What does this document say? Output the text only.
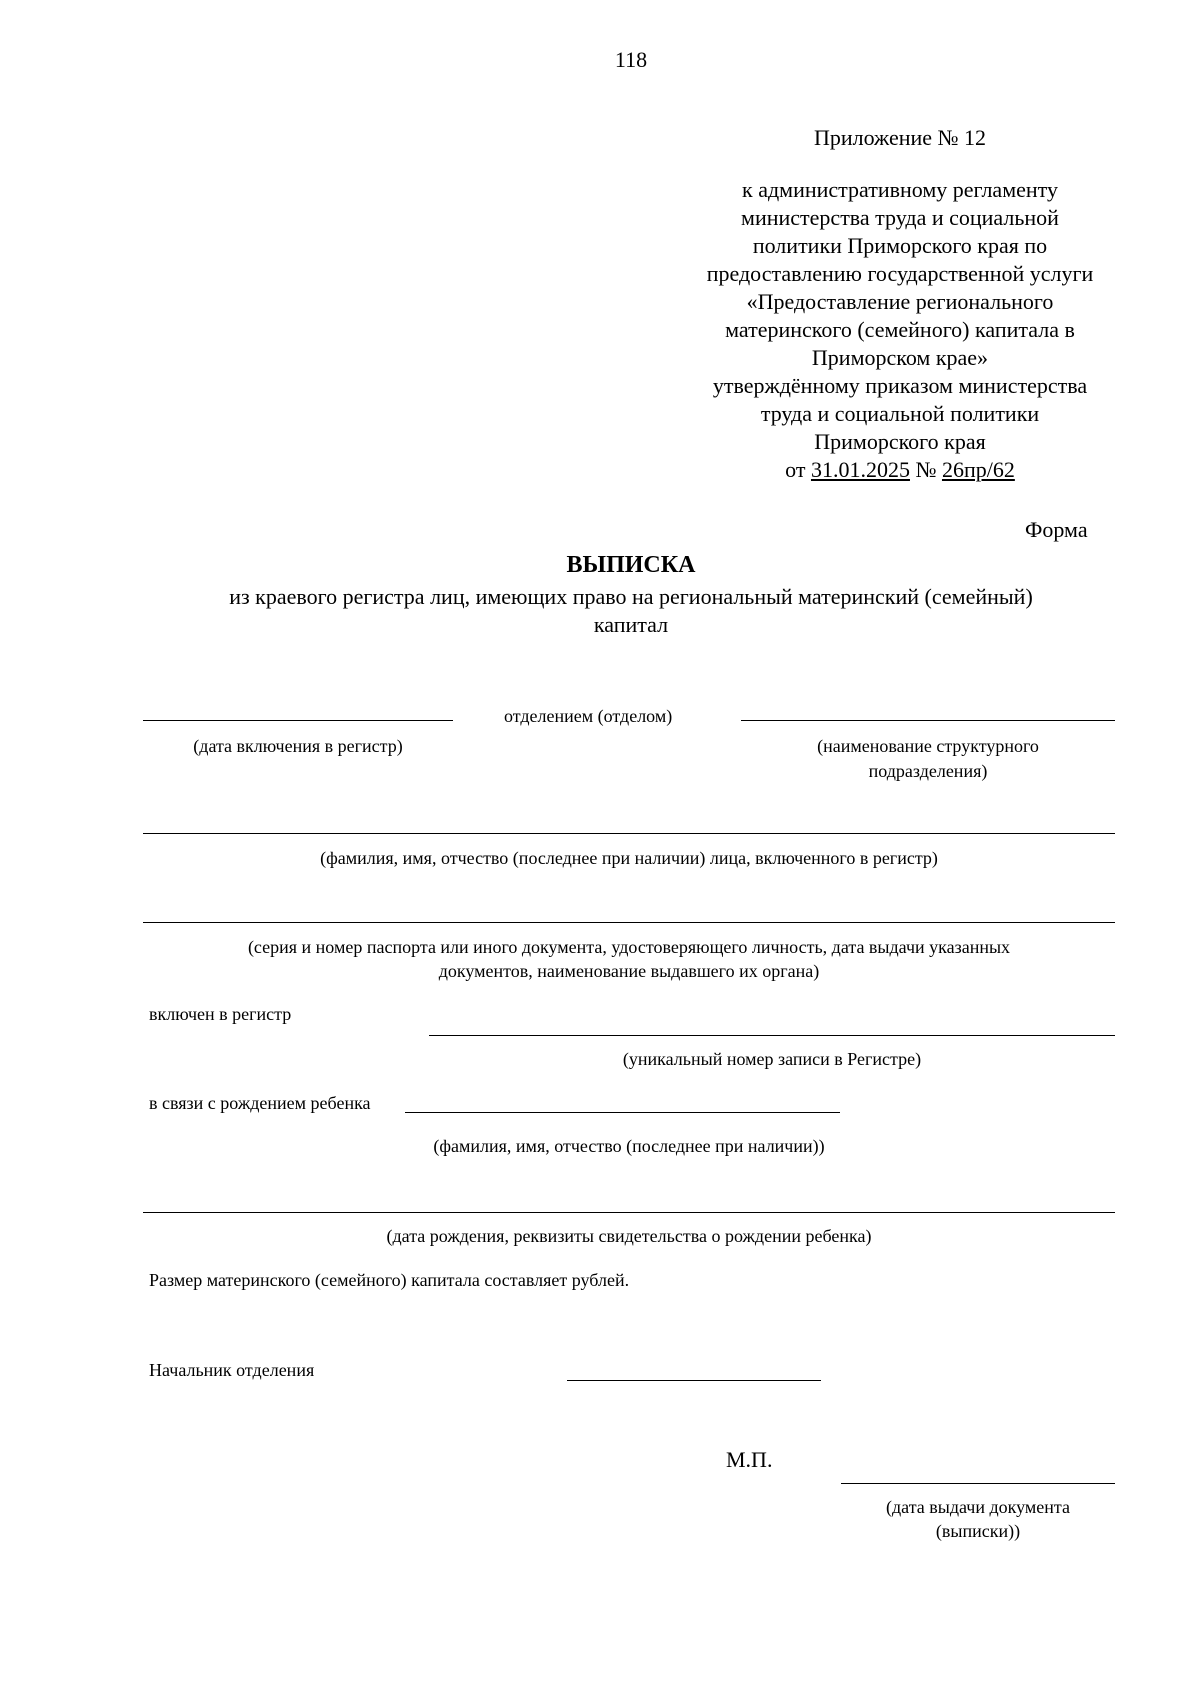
118
Приложение № 12
к административному регламенту
министерства труда и социальной
политики Приморского края по
предоставлению государственной услуги
«Предоставление регионального
материнского (семейного) капитала в
Приморском крае»
утверждённому приказом министерства
труда и социальной политики
Приморского края
от 31.01.2025 № 26пр/62
Форма
ВЫПИСКА
из краевого регистра лиц, имеющих право на региональный материнский (семейный)
капитал
отделением (отделом)
(дата включения в регистр)	(наименование структурного
подразделения)
(фамилия, имя, отчество (последнее при наличии) лица, включенного в регистр)
(серия и номер паспорта или иного документа, удостоверяющего личность, дата выдачи указанных
документов, наименование выдавшего их органа)
включен в регистр
(уникальный номер записи в Регистре)
в связи с рождением ребенка
(фамилия, имя, отчество (последнее при наличии))
(дата рождения, реквизиты свидетельства о рождении ребенка)
Размер материнского (семейного) капитала составляет рублей.
Начальник отделения
М.П.
(дата выдачи документа
(выписки))
